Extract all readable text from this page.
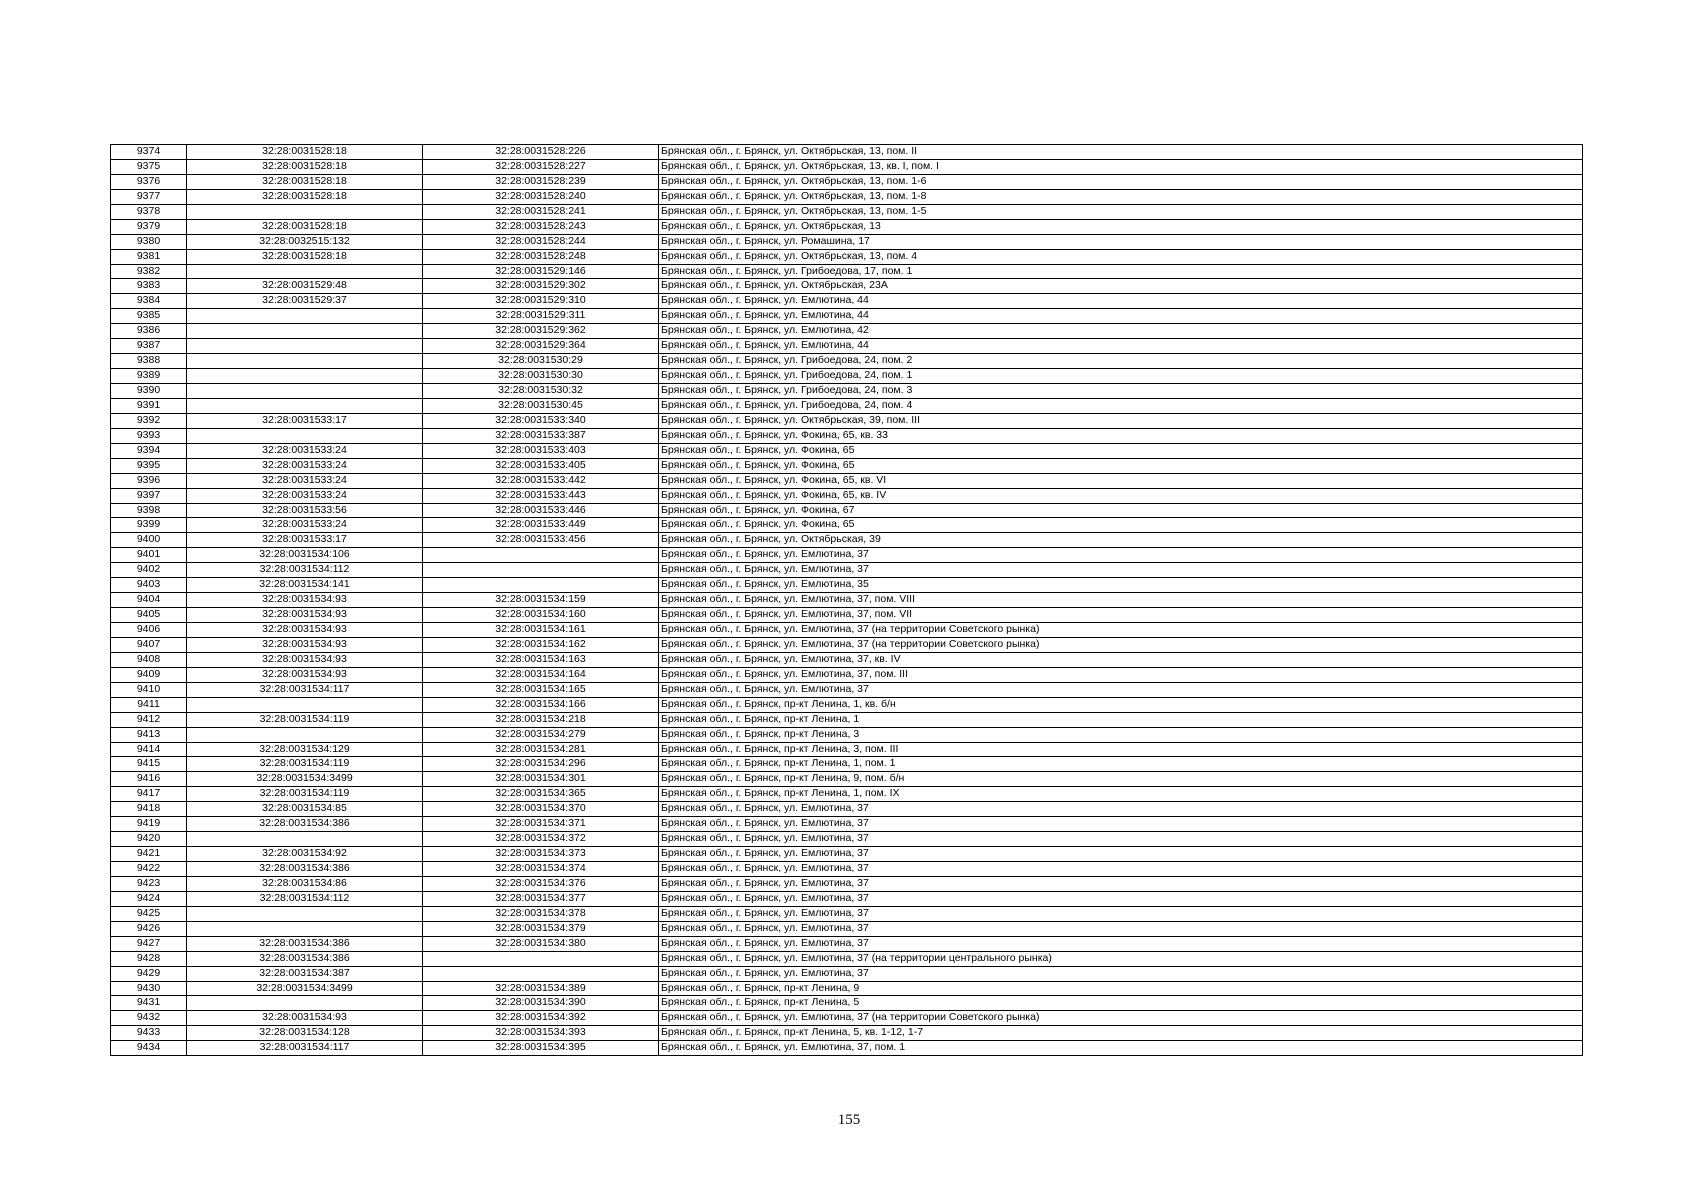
9374	32:28:0031528:18	32:28:0031528:226	Брянская обл., г. Брянск, ул. Октябрьская, 13, пом. II
9375	32:28:0031528:18	32:28:0031528:227	Брянская обл., г. Брянск, ул. Октябрьская, 13, кв. I, пом. I
9376	32:28:0031528:18	32:28:0031528:239	Брянская обл., г. Брянск, ул. Октябрьская, 13, пом. 1-6
9377	32:28:0031528:18	32:28:0031528:240	Брянская обл., г. Брянск, ул. Октябрьская, 13, пом. 1-8
9378		32:28:0031528:241	Брянская обл., г. Брянск, ул. Октябрьская, 13, пом. 1-5
9379	32:28:0031528:18	32:28:0031528:243	Брянская обл., г. Брянск, ул. Октябрьская, 13
9380	32:28:0032515:132	32:28:0031528:244	Брянская обл., г. Брянск, ул. Ромашина, 17
9381	32:28:0031528:18	32:28:0031528:248	Брянская обл., г. Брянск, ул. Октябрьская, 13, пом. 4
9382		32:28:0031529:146	Брянская обл., г. Брянск, ул. Грибоедова, 17, пом. 1
9383	32:28:0031529:48	32:28:0031529:302	Брянская обл., г. Брянск, ул. Октябрьская, 23А
9384	32:28:0031529:37	32:28:0031529:310	Брянская обл., г. Брянск, ул. Емлютина, 44
9385		32:28:0031529:311	Брянская обл., г. Брянск, ул. Емлютина, 44
9386		32:28:0031529:362	Брянская обл., г. Брянск, ул. Емлютина, 42
9387		32:28:0031529:364	Брянская обл., г. Брянск, ул. Емлютина, 44
9388		32:28:0031530:29	Брянская обл., г. Брянск, ул. Грибоедова, 24, пом. 2
9389		32:28:0031530:30	Брянская обл., г. Брянск, ул. Грибоедова, 24, пом. 1
9390		32:28:0031530:32	Брянская обл., г. Брянск, ул. Грибоедова, 24, пом. 3
9391		32:28:0031530:45	Брянская обл., г. Брянск, ул. Грибоедова, 24, пом. 4
9392	32:28:0031533:17	32:28:0031533:340	Брянская обл., г. Брянск, ул. Октябрьская, 39, пом. III
9393		32:28:0031533:387	Брянская обл., г. Брянск, ул. Фокина, 65, кв. 33
9394	32:28:0031533:24	32:28:0031533:403	Брянская обл., г. Брянск, ул. Фокина, 65
9395	32:28:0031533:24	32:28:0031533:405	Брянская обл., г. Брянск, ул. Фокина, 65
9396	32:28:0031533:24	32:28:0031533:442	Брянская обл., г. Брянск, ул. Фокина, 65, кв. VI
9397	32:28:0031533:24	32:28:0031533:443	Брянская обл., г. Брянск, ул. Фокина, 65, кв. IV
9398	32:28:0031533:56	32:28:0031533:446	Брянская обл., г. Брянск, ул. Фокина, 67
9399	32:28:0031533:24	32:28:0031533:449	Брянская обл., г. Брянск, ул. Фокина, 65
9400	32:28:0031533:17	32:28:0031533:456	Брянская обл., г. Брянск, ул. Октябрьская, 39
9401	32:28:0031534:106		Брянская обл., г. Брянск, ул. Емлютина, 37
9402	32:28:0031534:112		Брянская обл., г. Брянск, ул. Емлютина, 37
9403	32:28:0031534:141		Брянская обл., г. Брянск, ул. Емлютина, 35
9404	32:28:0031534:93	32:28:0031534:159	Брянская обл., г. Брянск, ул. Емлютина, 37, пом. VIII
9405	32:28:0031534:93	32:28:0031534:160	Брянская обл., г. Брянск, ул. Емлютина, 37, пом. VII
9406	32:28:0031534:93	32:28:0031534:161	Брянская обл., г. Брянск, ул. Емлютина, 37 (на территории Советского рынка)
9407	32:28:0031534:93	32:28:0031534:162	Брянская обл., г. Брянск, ул. Емлютина, 37 (на территории Советского рынка)
9408	32:28:0031534:93	32:28:0031534:163	Брянская обл., г. Брянск, ул. Емлютина, 37, кв. IV
9409	32:28:0031534:93	32:28:0031534:164	Брянская обл., г. Брянск, ул. Емлютина, 37, пом. III
9410	32:28:0031534:117	32:28:0031534:165	Брянская обл., г. Брянск, ул. Емлютина, 37
9411		32:28:0031534:166	Брянская обл., г. Брянск, пр-кт Ленина, 1, кв. б/н
9412	32:28:0031534:119	32:28:0031534:218	Брянская обл., г. Брянск, пр-кт Ленина, 1
9413		32:28:0031534:279	Брянская обл., г. Брянск, пр-кт Ленина, 3
9414	32:28:0031534:129	32:28:0031534:281	Брянская обл., г. Брянск, пр-кт Ленина, 3, пом. III
9415	32:28:0031534:119	32:28:0031534:296	Брянская обл., г. Брянск, пр-кт Ленина, 1, пом. 1
9416	32:28:0031534:3499	32:28:0031534:301	Брянская обл., г. Брянск, пр-кт Ленина, 9, пом. б/н
9417	32:28:0031534:119	32:28:0031534:365	Брянская обл., г. Брянск, пр-кт Ленина, 1, пом. IX
9418	32:28:0031534:85	32:28:0031534:370	Брянская обл., г. Брянск, ул. Емлютина, 37
9419	32:28:0031534:386	32:28:0031534:371	Брянская обл., г. Брянск, ул. Емлютина, 37
9420		32:28:0031534:372	Брянская обл., г. Брянск, ул. Емлютина, 37
9421	32:28:0031534:92	32:28:0031534:373	Брянская обл., г. Брянск, ул. Емлютина, 37
9422	32:28:0031534:386	32:28:0031534:374	Брянская обл., г. Брянск, ул. Емлютина, 37
9423	32:28:0031534:86	32:28:0031534:376	Брянская обл., г. Брянск, ул. Емлютина, 37
9424	32:28:0031534:112	32:28:0031534:377	Брянская обл., г. Брянск, ул. Емлютина, 37
9425		32:28:0031534:378	Брянская обл., г. Брянск, ул. Емлютина, 37
9426		32:28:0031534:379	Брянская обл., г. Брянск, ул. Емлютина, 37
9427	32:28:0031534:386	32:28:0031534:380	Брянская обл., г. Брянск, ул. Емлютина, 37
9428	32:28:0031534:386		Брянская обл., г. Брянск, ул. Емлютина, 37 (на территории центрального рынка)
9429	32:28:0031534:387		Брянская обл., г. Брянск, ул. Емлютина, 37
9430	32:28:0031534:3499	32:28:0031534:389	Брянская обл., г. Брянск, пр-кт Ленина, 9
9431		32:28:0031534:390	Брянская обл., г. Брянск, пр-кт Ленина, 5
9432	32:28:0031534:93	32:28:0031534:392	Брянская обл., г. Брянск, ул. Емлютина, 37 (на территории Советского рынка)
9433	32:28:0031534:128	32:28:0031534:393	Брянская обл., г. Брянск, пр-кт Ленина, 5, кв. 1-12, 1-7
9434	32:28:0031534:117	32:28:0031534:395	Брянская обл., г. Брянск, ул. Емлютина, 37, пом. 1
155
